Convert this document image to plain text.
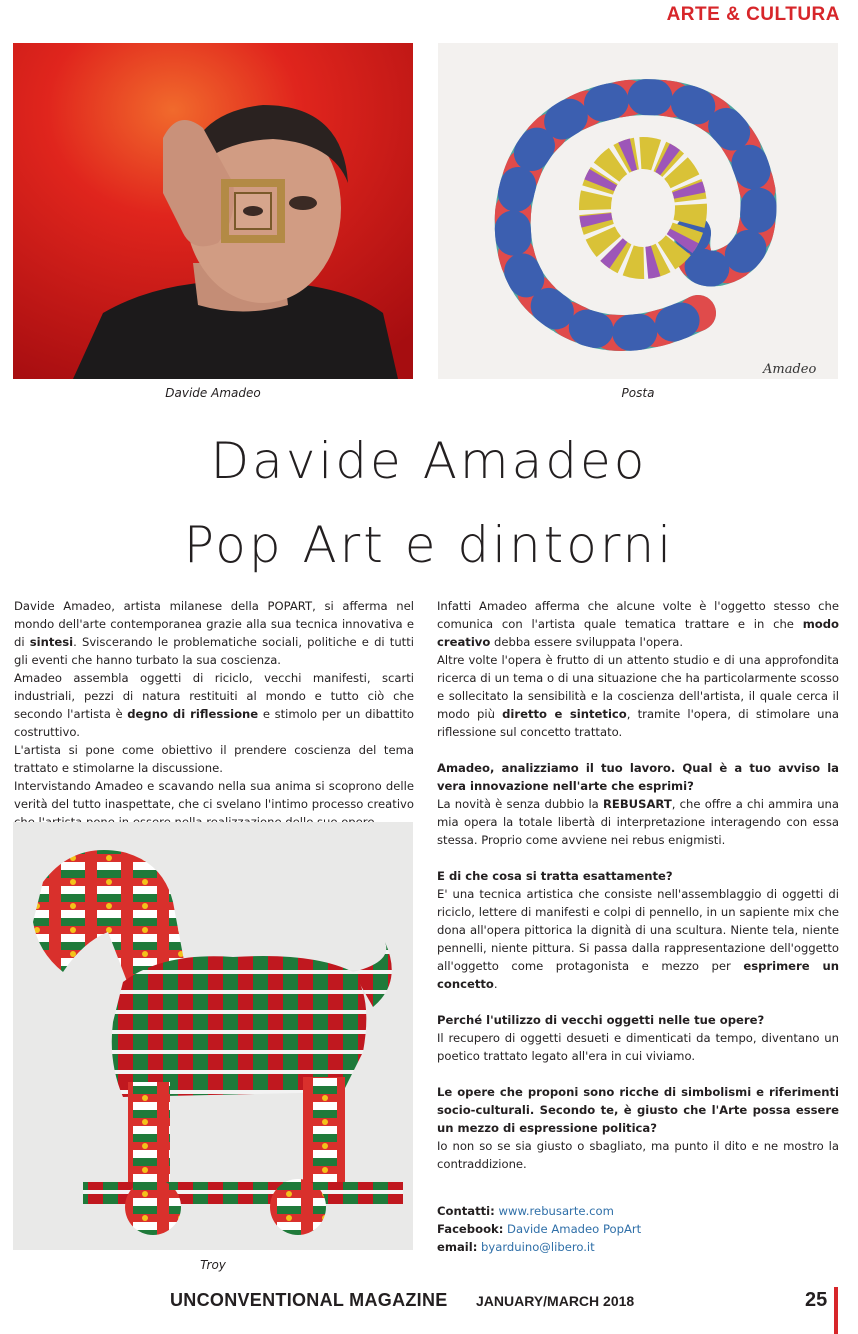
ARTE & CULTURA
Davide Amadeo
Amadeo
Posta
Davide Amadeo
Pop Art e dintorni

Davide Amadeo, artista milanese della POPART, si afferma nel mondo dell'arte contemporanea grazie alla sua tecnica innovativa e di sintesi. Sviscerando le problematiche sociali, politiche e di tutti gli eventi che hanno turbato la sua coscienza.

Amadeo assembla oggetti di riciclo, vecchi manifesti, scarti industriali, pezzi di natura restituiti al mondo e tutto ciò che secondo l'artista è degno di riflessione e stimolo per un dibattito costruttivo.

L'artista si pone come obiettivo il prendere coscienza del tema trattato e stimolarne la discussione.

Intervistando Amadeo e scavando nella sua anima si scoprono delle verità del tutto inaspettate, che ci svelano l'intimo processo creativo

Troy

Infatti Amadeo afferma che alcune volte è l'oggetto stesso che comunica con l'artista quale tematica trattare e in che modo creativo debba essere sviluppata l'opera.

Altre volte l'opera è frutto di un attento studio e di una approfondita ricerca di un tema o di una situazione che ha particolarmente scosso e sollecitato la sensibilità e la coscienza dell'artista, il quale cerca il modo più diretto e sintetico, tramite l'opera, di stimolare una riflessione sul concetto trattato.

Amadeo, analizziamo il tuo lavoro. Qual è a tuo avviso la vera innovazione nell'arte che esprimi?

La novità è senza dubbio la REBUSART, che offre a chi ammira una mia opera la totale libertà di interpretazione interagendo con essa stessa. Proprio come avviene nei rebus enigmisti.

E di che cosa si tratta esattamente?

E' una tecnica artistica che consiste nell'assemblaggio di oggetti di riciclo, lettere di manifesti e colpi di pennello, in un sapiente mix che dona all'opera pittorica la dignità di una scultura. Niente tela, niente pennelli, niente pittura. Si passa dalla rappresentazione dell'oggetto all'oggetto come protagonista e mezzo per esprimere un concetto.

Perché l'utilizzo di vecchi oggetti nelle tue opere?

Il recupero di oggetti desueti e dimenticati da tempo, diventano un poetico trattato legato all'era in cui viviamo.

Le opere che proponi sono ricche di simbolismi e riferimenti socio-culturali. Secondo te, è giusto che l'Arte possa essere un mezzo di espressione politica?

Io non so se sia giusto o sbagliato, ma punto il dito e ne mostro la contraddizione.

Contatti: www.rebusarte.com

Facebook: Davide Amadeo PopArt

email: byarduino@libero.it

UNCONVENTIONAL MAGAZINE JANUARY/MARCH 2018	25
